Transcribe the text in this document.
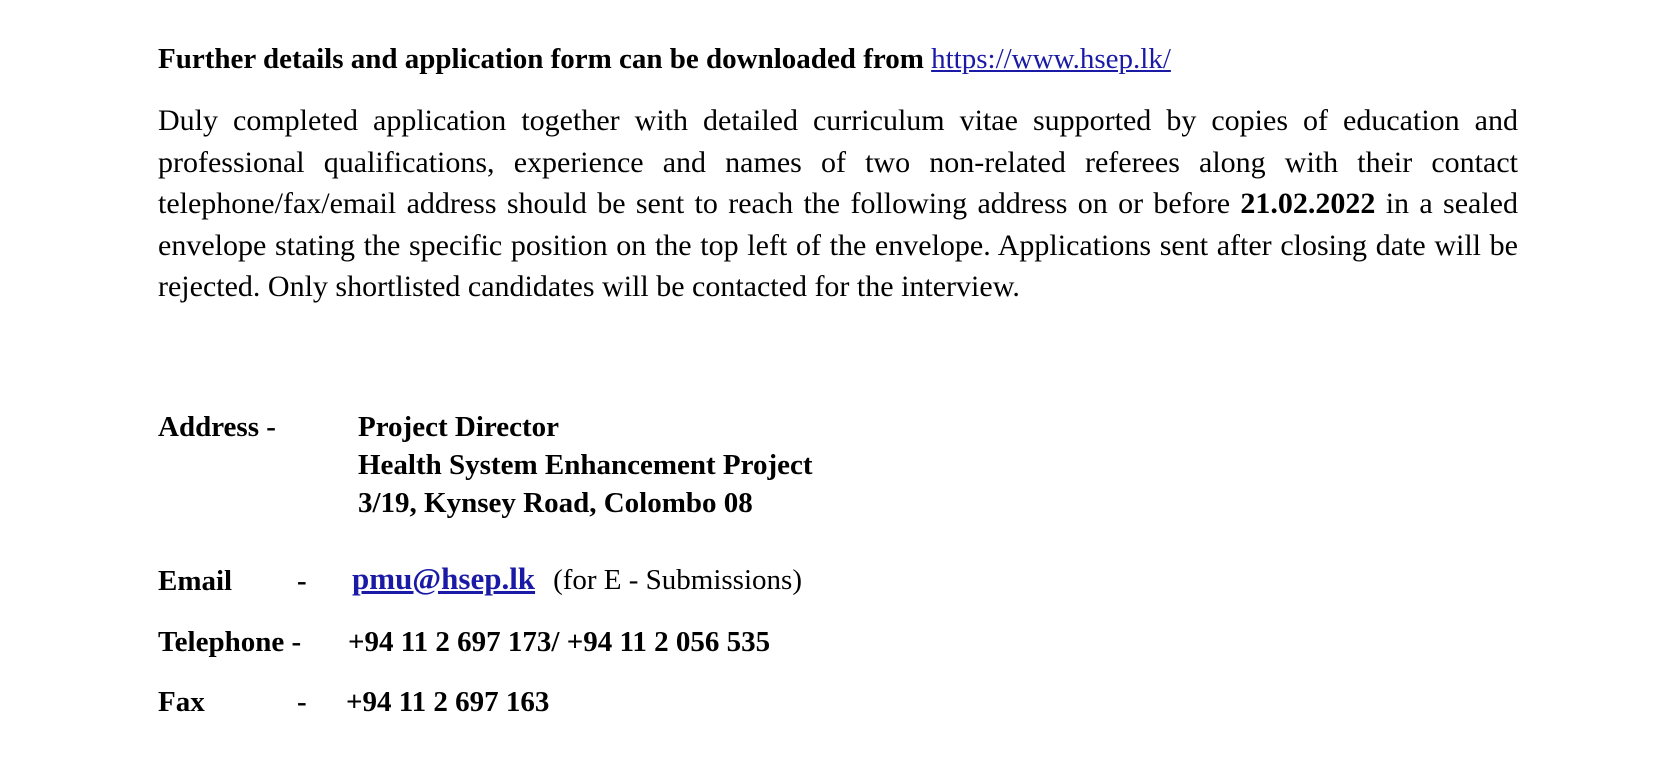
Further details and application form can be downloaded from https://www.hsep.lk/

Duly completed application together with detailed curriculum vitae supported by copies of education and professional qualifications, experience and names of two non-related referees along with their contact telephone/fax/email address should be sent to reach the following address on or before 21.02.2022 in a sealed envelope stating the specific position on the top left of the envelope. Applications sent after closing date will be rejected. Only shortlisted candidates will be contacted for the interview.

Address -	Project Director
Health System Enhancement Project
3/19, Kynsey Road, Colombo 08
Email - pmu@hsep.lk (for E - Submissions)
Telephone - +94 11 2 697 173/ +94 11 2 056 535
Fax	- +94 11 2 697 163
